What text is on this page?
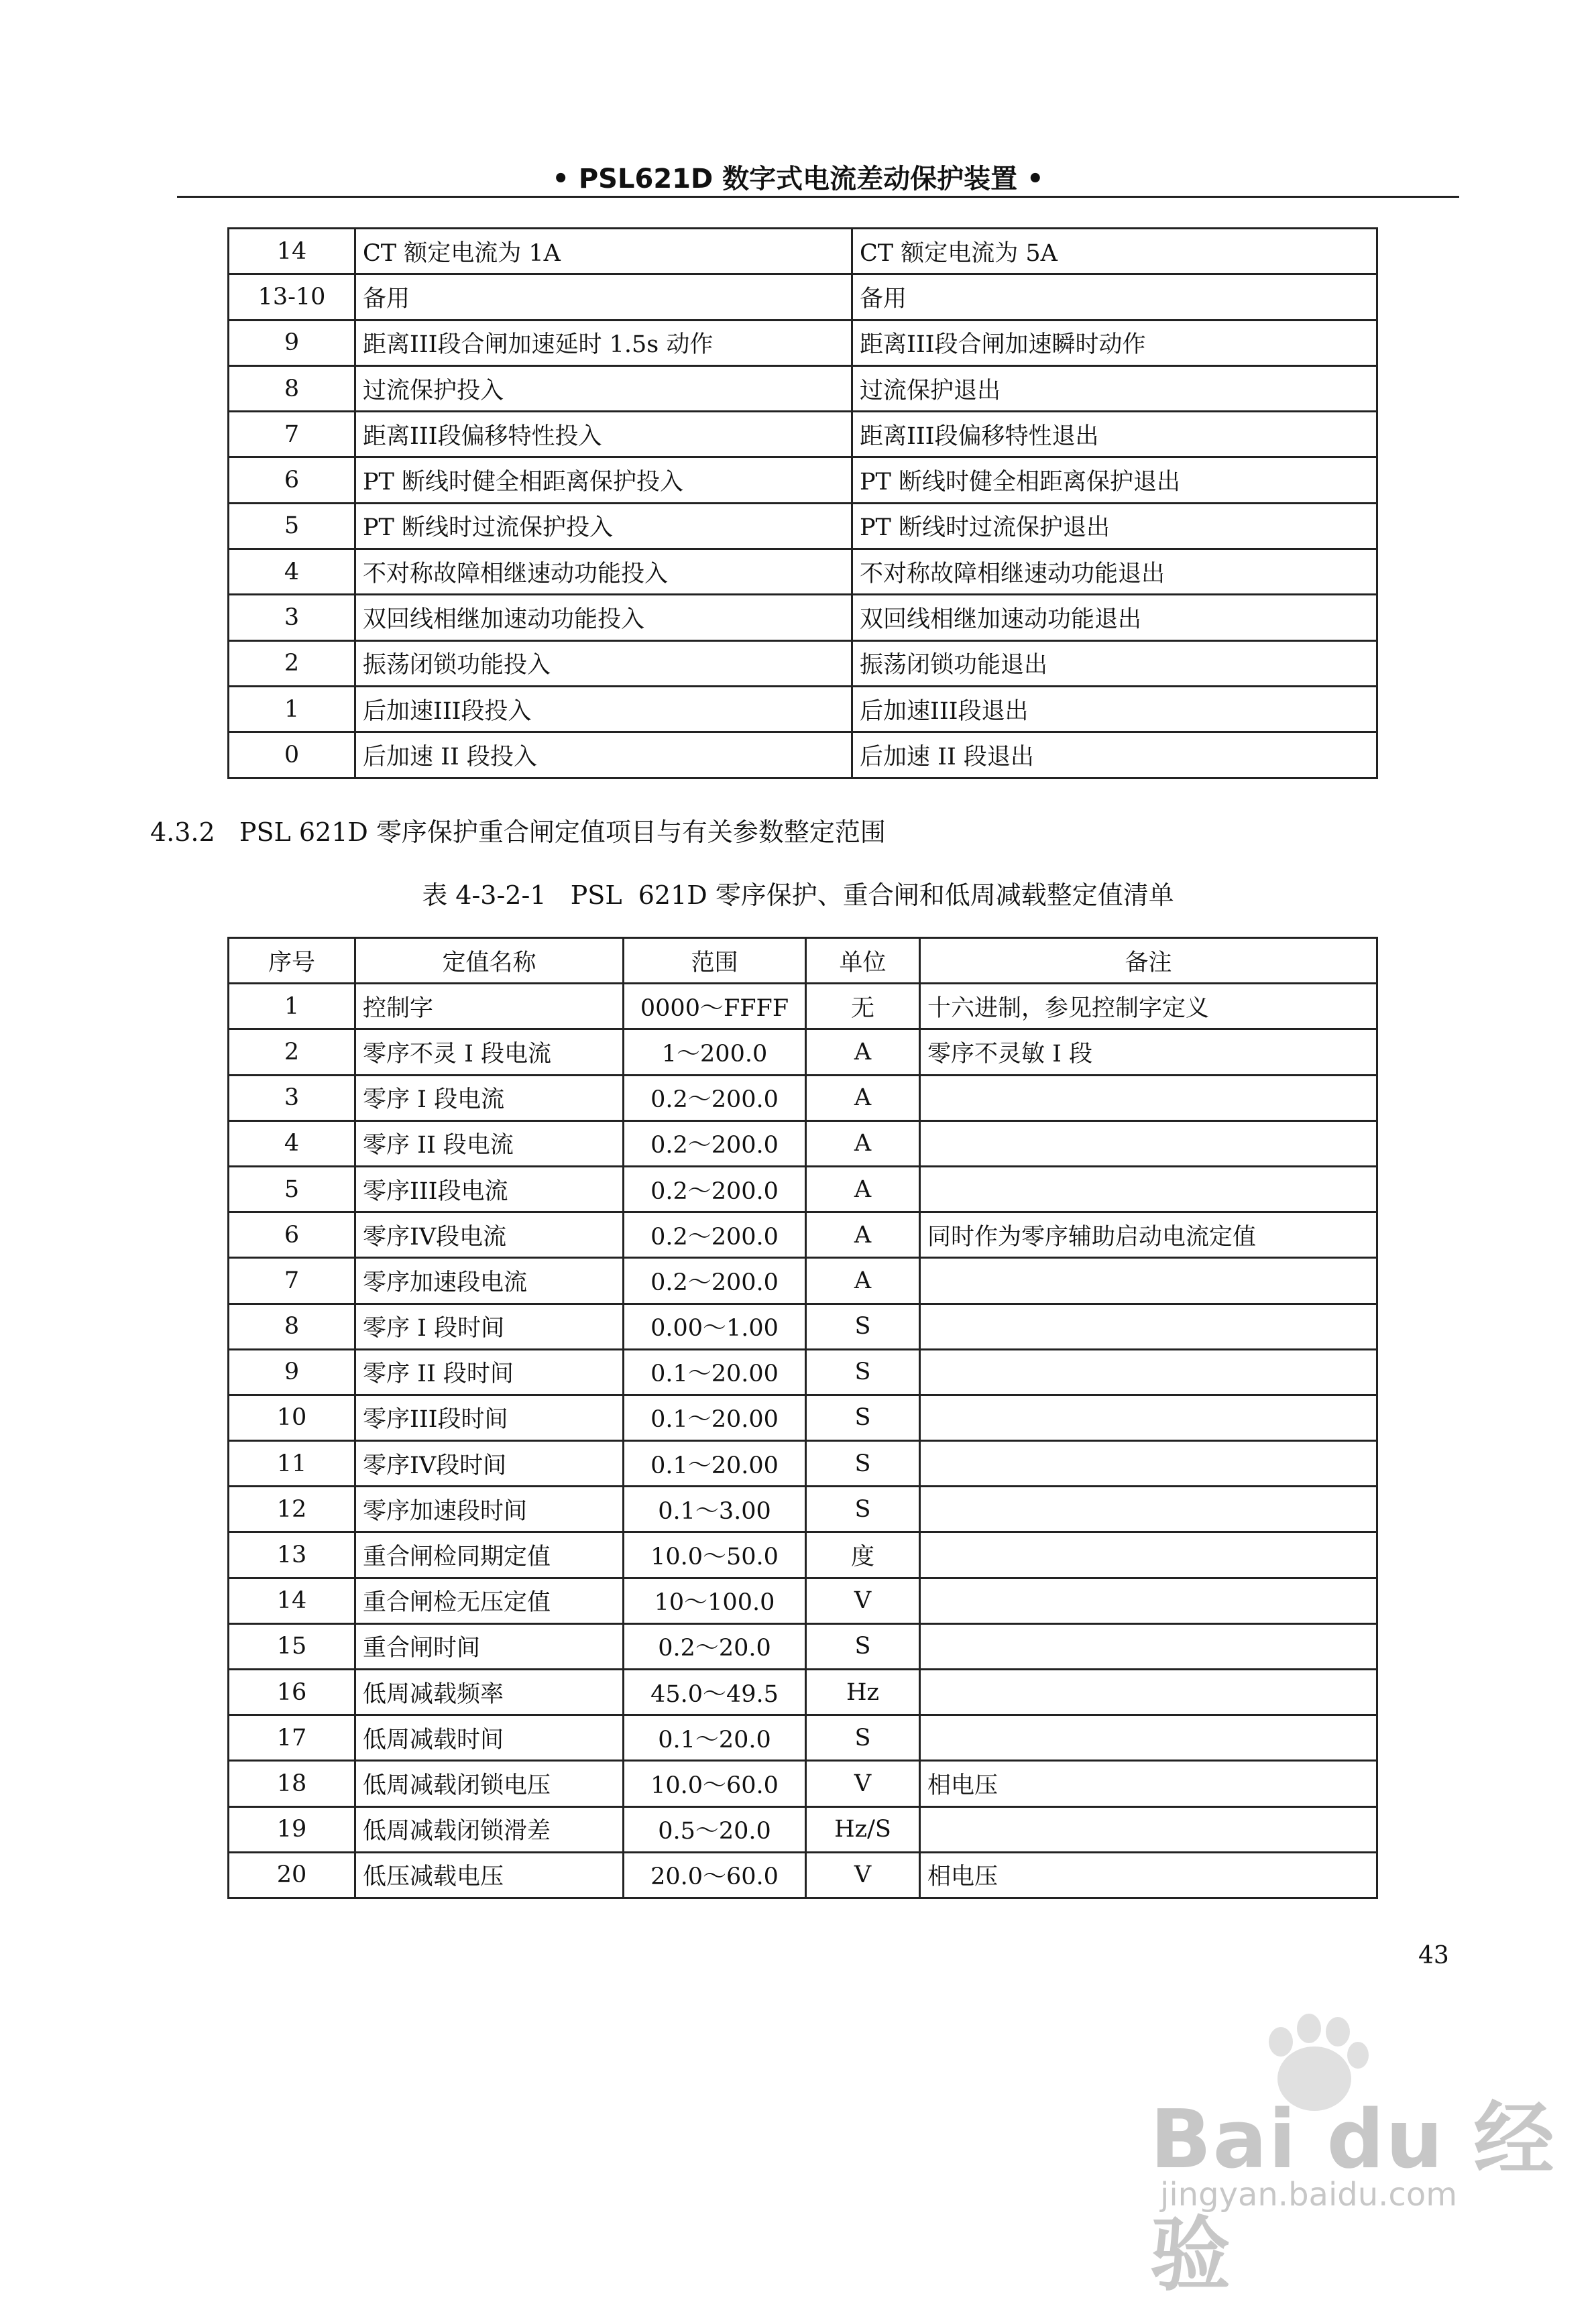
• PSL621D 数字式电流差动保护装置 •
14	CT 额定电流为 1A	CT 额定电流为 5A
13-10	备用	备用
9	距离III段合闸加速延时 1.5s 动作	距离III段合闸加速瞬时动作
8	过流保护投入	过流保护退出
7	距离III段偏移特性投入	距离III段偏移特性退出
6	PT 断线时健全相距离保护投入	PT 断线时健全相距离保护退出
5	PT 断线时过流保护投入	PT 断线时过流保护退出
4	不对称故障相继速动功能投入	不对称故障相继速动功能退出
3	双回线相继加速动功能投入	双回线相继加速动功能退出
2	振荡闭锁功能投入	振荡闭锁功能退出
1	后加速III段投入	后加速III段退出
0	后加速 II 段投入	后加速 II 段退出
4.3.2   PSL 621D 零序保护重合闸定值项目与有关参数整定范围
表 4-3-2-1   PSL  621D 零序保护、重合闸和低周减载整定值清单
序号	定值名称	范围	单位	备注
1	控制字	0000～FFFF	无	十六进制，参见控制字定义
2	零序不灵 I 段电流	1～200.0	A	零序不灵敏 I 段
3	零序 I 段电流	0.2～200.0	A	
4	零序 II 段电流	0.2～200.0	A	
5	零序III段电流	0.2～200.0	A	
6	零序IV段电流	0.2～200.0	A	同时作为零序辅助启动电流定值
7	零序加速段电流	0.2～200.0	A	
8	零序 I 段时间	0.00～1.00	S	
9	零序 II 段时间	0.1～20.00	S	
10	零序III段时间	0.1～20.00	S	
11	零序IV段时间	0.1～20.00	S	
12	零序加速段时间	0.1～3.00	S	
13	重合闸检同期定值	10.0～50.0	度	
14	重合闸检无压定值	10～100.0	V	
15	重合闸时间	0.2～20.0	S	
16	低周减载频率	45.0～49.5	Hz	
17	低周减载时间	0.1～20.0	S	
18	低周减载闭锁电压	10.0～60.0	V	相电压
19	低周减载闭锁滑差	0.5～20.0	Hz/S	
20	低压减载电压	20.0～60.0	V	相电压
43
Bai du 经验
jingyan.baidu.com
